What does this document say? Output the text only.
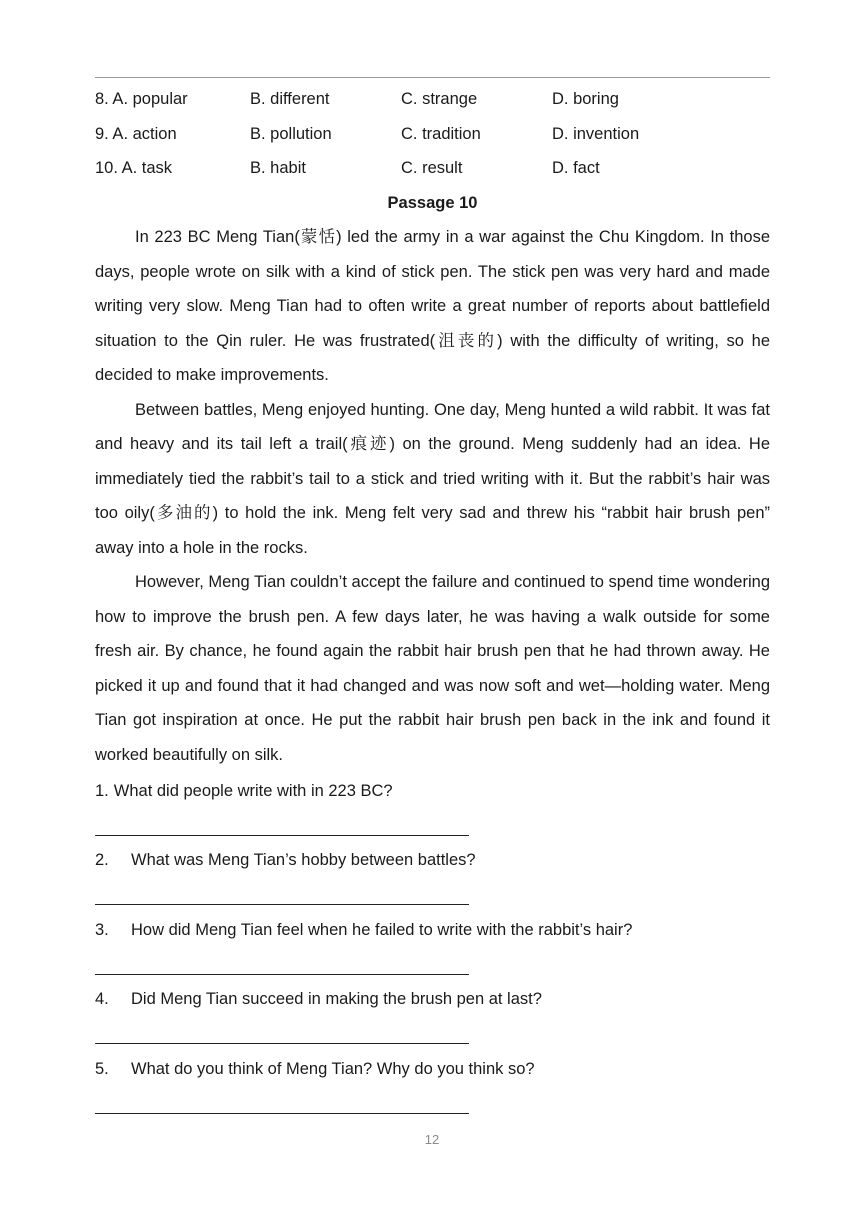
8. A. popular	B. different	C. strange	D. boring
9. A. action	B. pollution	C. tradition	D. invention
10. A. task	B. habit	C. result	D. fact
Passage 10

In 223 BC Meng Tian(蒙恬) led the army in a war against the Chu Kingdom. In those days, people wrote on silk with a kind of stick pen. The stick pen was very hard and made writing very slow. Meng Tian had to often write a great number of reports about battlefield situation to the Qin ruler. He was frustrated(沮丧的) with the difficulty of writing, so he decided to make improvements.

Between battles, Meng enjoyed hunting. One day, Meng hunted a wild rabbit. It was fat and heavy and its tail left a trail(痕迹) on the ground. Meng suddenly had an idea. He immediately tied the rabbit’s tail to a stick and tried writing with it. But the rabbit’s hair was too oily(多油的) to hold the ink. Meng felt very sad and threw his “rabbit hair brush pen” away into a hole in the rocks.

However, Meng Tian couldn’t accept the failure and continued to spend time wondering how to improve the brush pen. A few days later, he was having a walk outside for some fresh air. By chance, he found again the rabbit hair brush pen that he had thrown away. He picked it up and found that it had changed and was now soft and wet—holding water. Meng Tian got inspiration at once. He put the rabbit hair brush pen back in the ink and found it worked beautifully on silk.

1. What did people write with in 223 BC?
2. What was Meng Tian’s hobby between battles?
3. How did Meng Tian feel when he failed to write with the rabbit’s hair?
4. Did Meng Tian succeed in making the brush pen at last?
5. What do you think of Meng Tian? Why do you think so?
12
